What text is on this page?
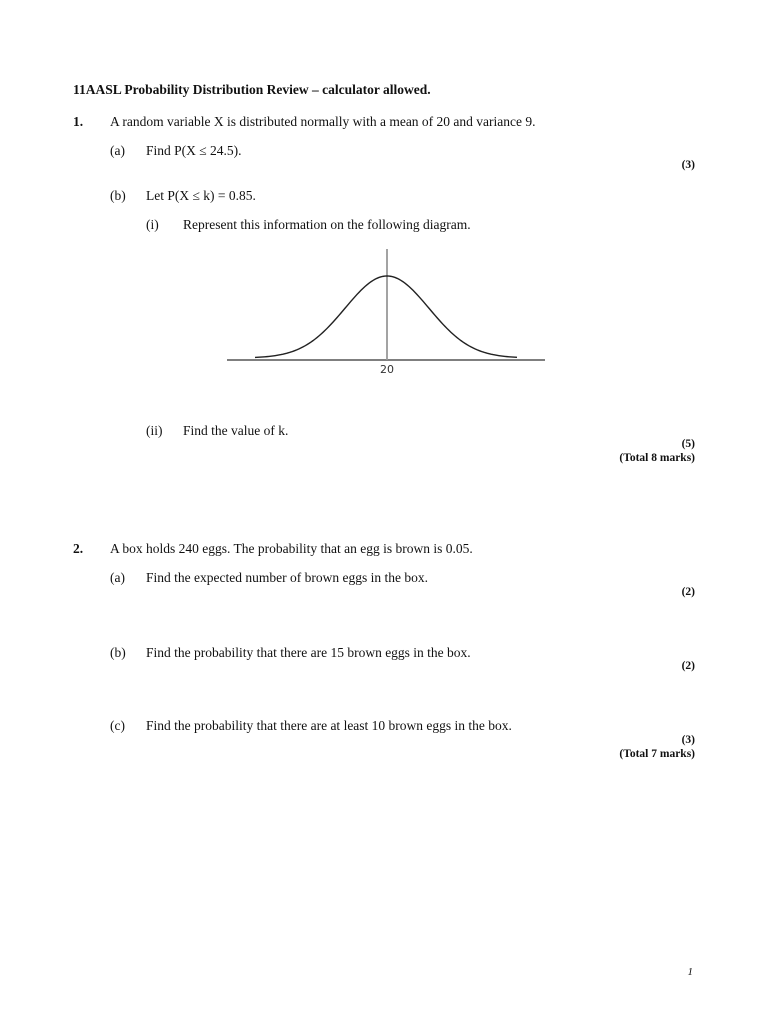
11AASL Probability Distribution Review – calculator allowed.
1. A random variable X is distributed normally with a mean of 20 and variance 9.
(a) Find P(X ≤ 24.5).
(3)
(b) Let P(X ≤ k) = 0.85.
(i) Represent this information on the following diagram.
20
(ii) Find the value of k.
(5)
(Total 8 marks)
2. A box holds 240 eggs. The probability that an egg is brown is 0.05.
(a) Find the expected number of brown eggs in the box.
(2)
(b) Find the probability that there are 15 brown eggs in the box.
(2)
(c) Find the probability that there are at least 10 brown eggs in the box.
(3)
(Total 7 marks)
1
